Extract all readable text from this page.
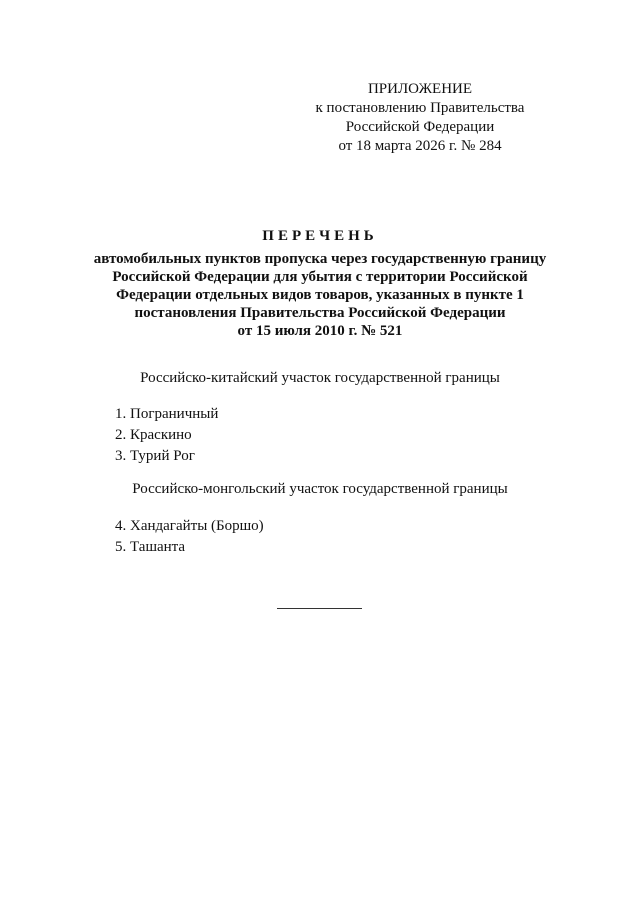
ПРИЛОЖЕНИЕ
к постановлению Правительства
Российской Федерации
от 18 марта 2026 г. № 284
ПЕРЕЧЕНЬ
автомобильных пунктов пропуска через государственную границу
Российской Федерации для убытия с территории Российской
Федерации отдельных видов товаров, указанных в пункте 1
постановления Правительства Российской Федерации
от 15 июля 2010 г. № 521
Российско-китайский участок государственной границы
1. Пограничный
2. Краскино
3. Турий Рог
Российско-монгольский участок государственной границы
4. Хандагайты (Боршо)
5. Ташанта
